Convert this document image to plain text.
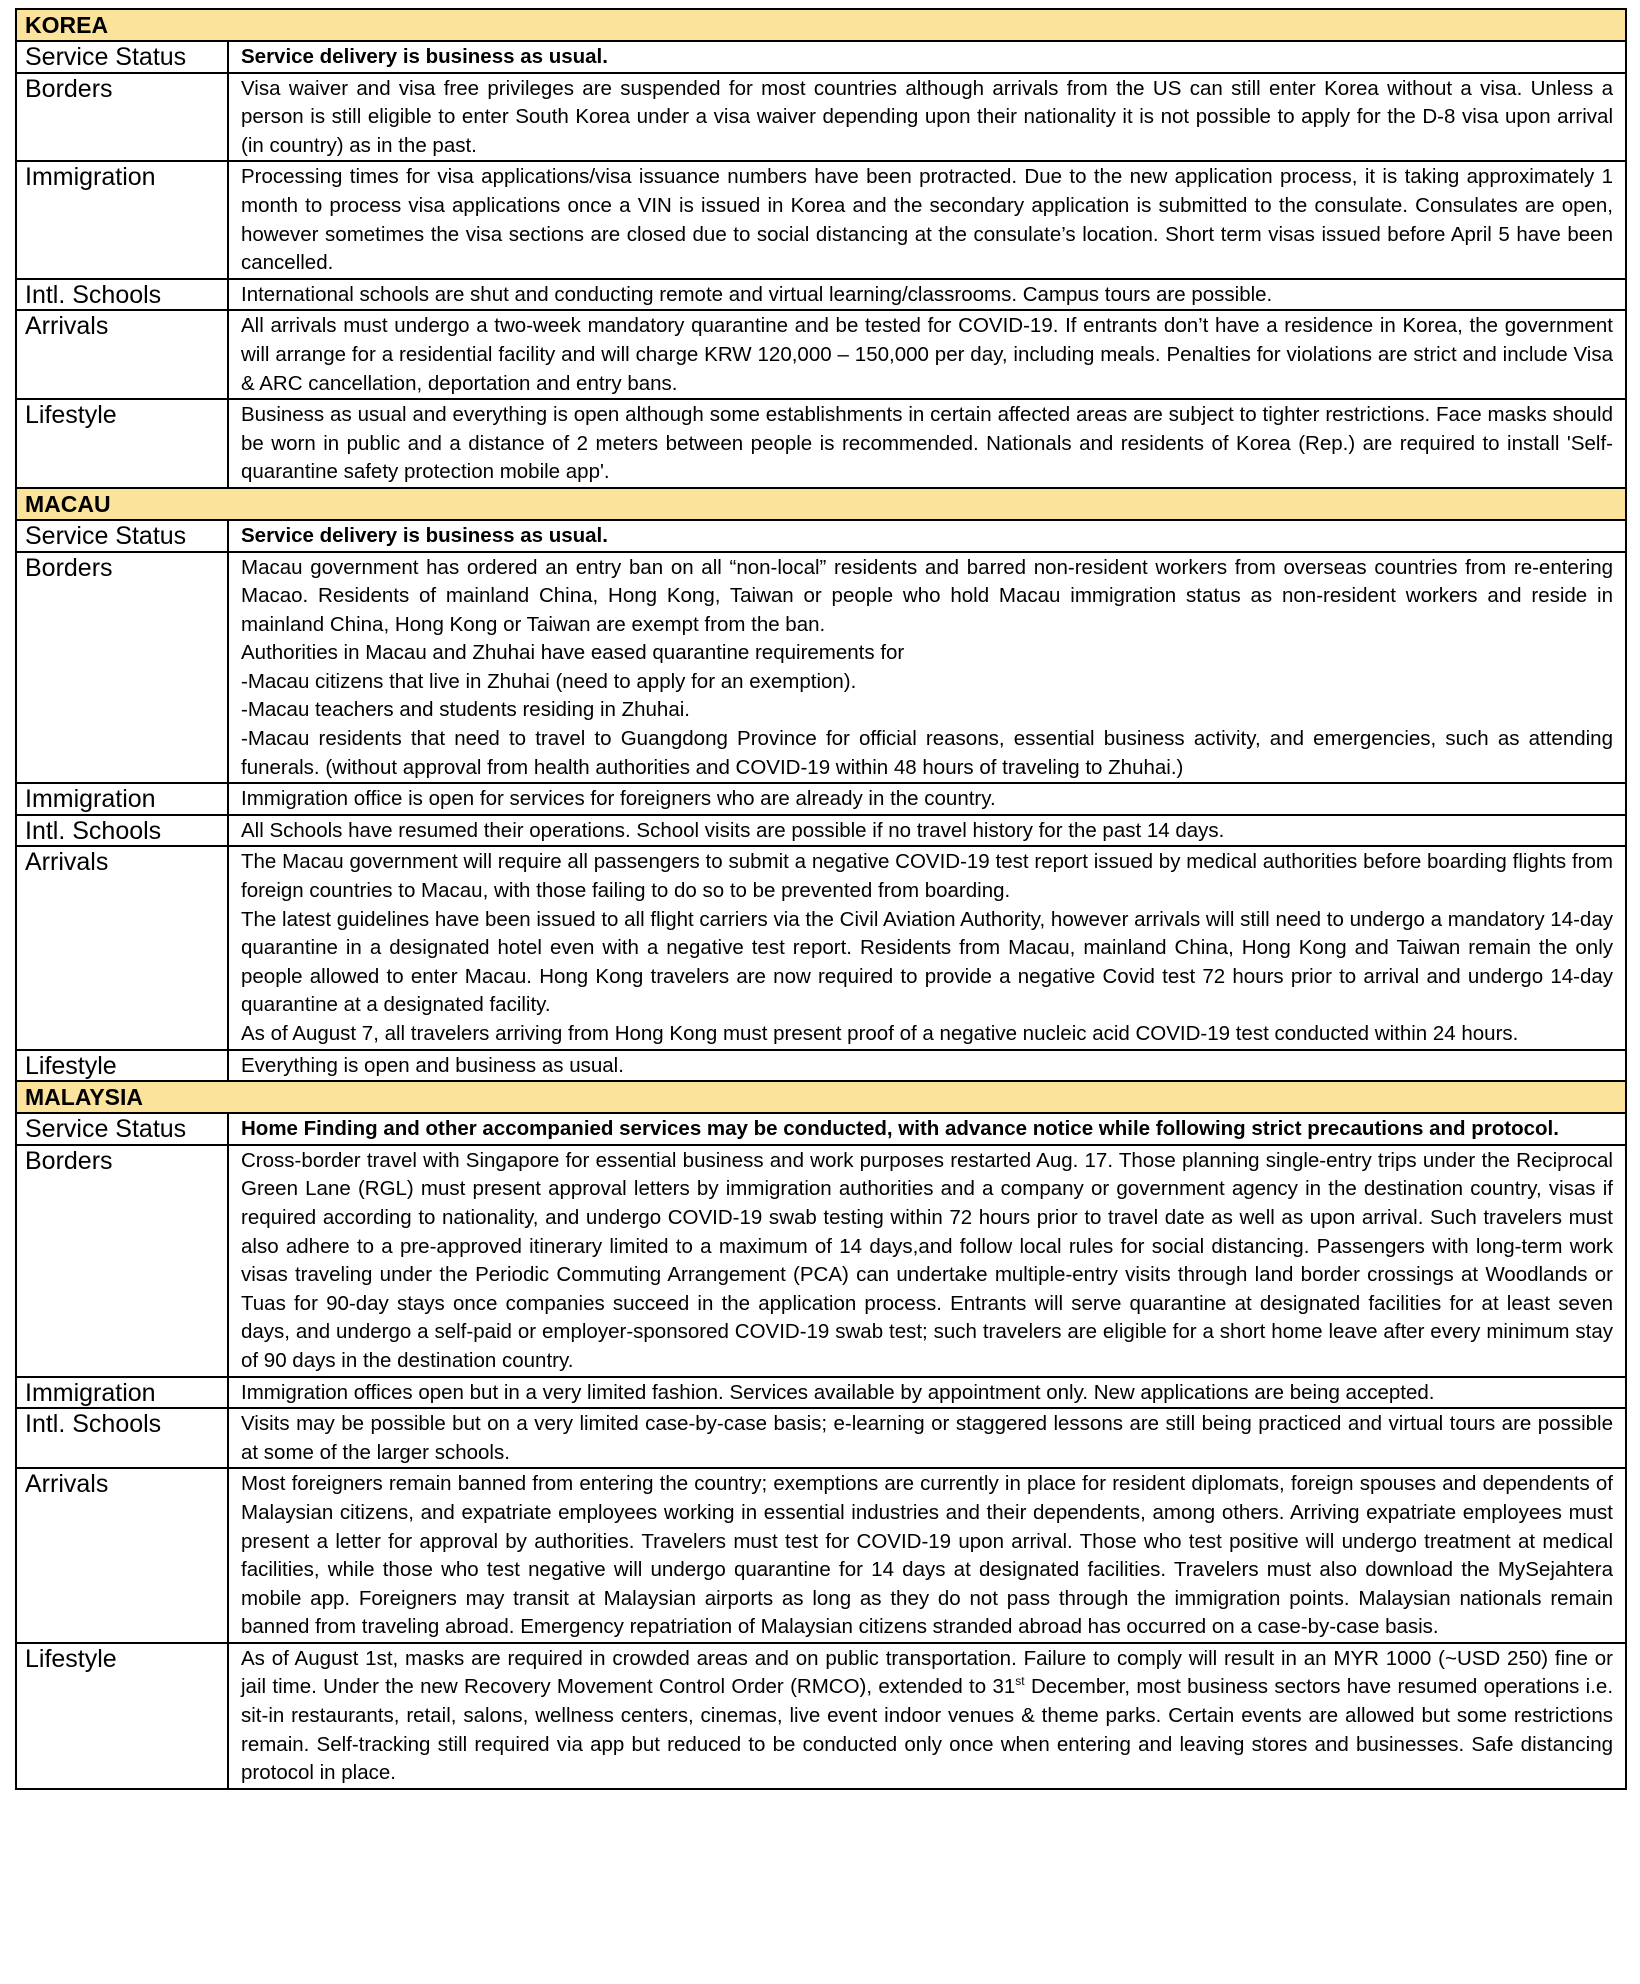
KOREA	
Service Status	Service delivery is business as usual.

Borders	Visa waiver and visa free privileges are suspended for most countries although arrivals from the US can still enter Korea without a visa. Unless a person is still eligible to enter South Korea under a visa waiver depending upon their nationality it is not possible to apply for the D-8 visa upon arrival (in country) as in the past.

Immigration	Processing times for visa applications/visa issuance numbers have been protracted. Due to the new application process, it is taking approximately 1 month to process visa applications once a VIN is issued in Korea and the secondary application is submitted to the consulate. Consulates are open, however sometimes the visa sections are closed due to social distancing at the consulate’s location. Short term visas issued before April 5 have been cancelled.

Intl. Schools	International schools are shut and conducting remote and virtual learning/classrooms. Campus tours are possible.

Arrivals	All arrivals must undergo a two-week mandatory quarantine and be tested for COVID-19. If entrants don’t have a residence in Korea, the government will arrange for a residential facility and will charge KRW 120,000 – 150,000 per day, including meals. Penalties for violations are strict and include Visa & ARC cancellation, deportation and entry bans.

Lifestyle	Business as usual and everything is open although some establishments in certain affected areas are subject to tighter restrictions. Face masks should be worn in public and a distance of 2 meters between people is recommended. Nationals and residents of Korea (Rep.) are required to install 'Self-quarantine safety protection mobile app'.

MACAU	
Service Status	Service delivery is business as usual.

Borders	Macau government has ordered an entry ban on all “non-local” residents and barred non-resident workers from overseas countries from re-entering Macao. Residents of mainland China, Hong Kong, Taiwan or people who hold Macau immigration status as non-resident workers and reside in mainland China, Hong Kong or Taiwan are exempt from the ban.
Authorities in Macau and Zhuhai have eased quarantine requirements for
-Macau citizens that live in Zhuhai (need to apply for an exemption).
-Macau teachers and students residing in Zhuhai.
-Macau residents that need to travel to Guangdong Province for official reasons, essential business activity, and emergencies, such as attending funerals. (without approval from health authorities and COVID-19 within 48 hours of traveling to Zhuhai.)

Immigration	Immigration office is open for services for foreigners who are already in the country.

Intl. Schools	All Schools have resumed their operations. School visits are possible if no travel history for the past 14 days.

Arrivals	The Macau government will require all passengers to submit a negative COVID-19 test report issued by medical authorities before boarding flights from foreign countries to Macau, with those failing to do so to be prevented from boarding.
The latest guidelines have been issued to all flight carriers via the Civil Aviation Authority, however arrivals will still need to undergo a mandatory 14-day quarantine in a designated hotel even with a negative test report. Residents from Macau, mainland China, Hong Kong and Taiwan remain the only people allowed to enter Macau. Hong Kong travelers are now required to provide a negative Covid test 72 hours prior to arrival and undergo 14-day quarantine at a designated facility.
As of August 7, all travelers arriving from Hong Kong must present proof of a negative nucleic acid COVID-19 test conducted within 24 hours.

Lifestyle	Everything is open and business as usual.

MALAYSIA	
Service Status	Home Finding and other accompanied services may be conducted, with advance notice while following strict precautions and protocol.

Borders	Cross-border travel with Singapore for essential business and work purposes restarted Aug. 17. Those planning single-entry trips under the Reciprocal Green Lane (RGL) must present approval letters by immigration authorities and a company or government agency in the destination country, visas if required according to nationality, and undergo COVID-19 swab testing within 72 hours prior to travel date as well as upon arrival. Such travelers must also adhere to a pre-approved itinerary limited to a maximum of 14 days,and follow local rules for social distancing. Passengers with long-term work visas traveling under the Periodic Commuting Arrangement (PCA) can undertake multiple-entry visits through land border crossings at Woodlands or Tuas for 90-day stays once companies succeed in the application process. Entrants will serve quarantine at designated facilities for at least seven days, and undergo a self-paid or employer-sponsored COVID-19 swab test; such travelers are eligible for a short home leave after every minimum stay of 90 days in the destination country.

Immigration	Immigration offices open but in a very limited fashion. Services available by appointment only. New applications are being accepted.

Intl. Schools	Visits may be possible but on a very limited case-by-case basis; e-learning or staggered lessons are still being practiced and virtual tours are possible at some of the larger schools.

Arrivals	Most foreigners remain banned from entering the country; exemptions are currently in place for resident diplomats, foreign spouses and dependents of Malaysian citizens, and expatriate employees working in essential industries and their dependents, among others. Arriving expatriate employees must present a letter for approval by authorities. Travelers must test for COVID-19 upon arrival. Those who test positive will undergo treatment at medical facilities, while those who test negative will undergo quarantine for 14 days at designated facilities. Travelers must also download the MySejahtera mobile app. Foreigners may transit at Malaysian airports as long as they do not pass through the immigration points. Malaysian nationals remain banned from traveling abroad. Emergency repatriation of Malaysian citizens stranded abroad has occurred on a case-by-case basis.

Lifestyle	As of August 1st, masks are required in crowded areas and on public transportation. Failure to comply will result in an MYR 1000 (~USD 250) fine or jail time. Under the new Recovery Movement Control Order (RMCO), extended to 31st December, most business sectors have resumed operations i.e. sit-in restaurants, retail, salons, wellness centers, cinemas, live event indoor venues & theme parks. Certain events are allowed but some restrictions remain. Self-tracking still required via app but reduced to be conducted only once when entering and leaving stores and businesses. Safe distancing protocol in place.
